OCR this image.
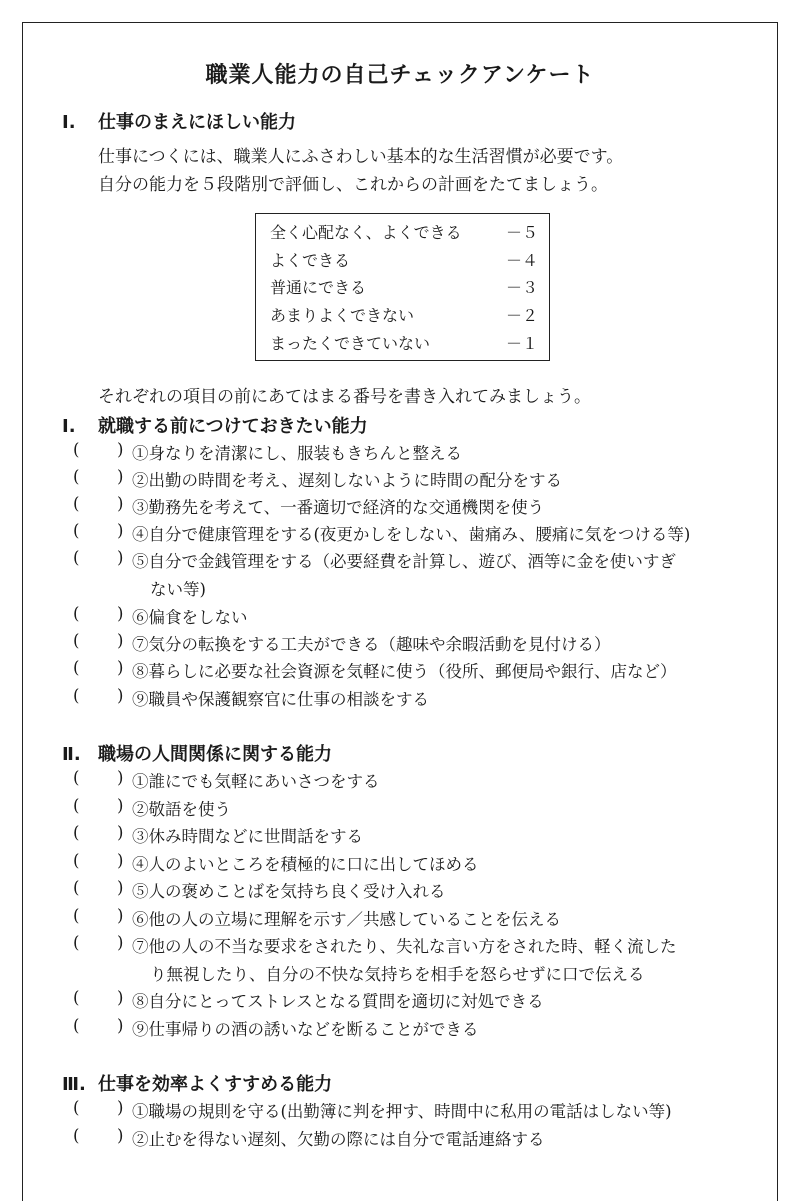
職業人能力の自己チェックアンケート
Ⅰ. 仕事のまえにほしい能力
仕事につくには、職業人にふさわしい基本的な生活習慣が必要です。
自分の能力を５段階別で評価し、これからの計画をたてましょう。
全く心配なく、よくできる	－５
よくできる	－４
普通にできる	－３
あまりよくできない	－２
まったくできていない	－１
それぞれの項目の前にあてはまる番号を書き入れてみましょう。
Ⅰ. 就職する前につけておきたい能力
( ) ①身なりを清潔にし、服装もきちんと整える
( ) ②出勤の時間を考え、遅刻しないように時間の配分をする
( ) ③勤務先を考えて、一番適切で経済的な交通機関を使う
( ) ④自分で健康管理をする(夜更かしをしない、歯痛み、腰痛に気をつける等)
( ) ⑤自分で金銭管理をする（必要経費を計算し、遊び、酒等に金を使いすぎ
ない等)
( ) ⑥偏食をしない
( ) ⑦気分の転換をする工夫ができる（趣味や余暇活動を見付ける）
( ) ⑧暮らしに必要な社会資源を気軽に使う（役所、郵便局や銀行、店など）
( ) ⑨職員や保護観察官に仕事の相談をする
Ⅱ. 職場の人間関係に関する能力
( ) ①誰にでも気軽にあいさつをする
( ) ②敬語を使う
( ) ③休み時間などに世間話をする
( ) ④人のよいところを積極的に口に出してほめる
( ) ⑤人の褒めことばを気持ち良く受け入れる
( ) ⑥他の人の立場に理解を示す／共感していることを伝える
( ) ⑦他の人の不当な要求をされたり、失礼な言い方をされた時、軽く流した
り無視したり、自分の不快な気持ちを相手を怒らせずに口で伝える
( ) ⑧自分にとってストレスとなる質問を適切に対処できる
( ) ⑨仕事帰りの酒の誘いなどを断ることができる
Ⅲ. 仕事を効率よくすすめる能力
( ) ①職場の規則を守る(出勤簿に判を押す、時間中に私用の電話はしない等)
( ) ②止むを得ない遅刻、欠勤の際には自分で電話連絡する
